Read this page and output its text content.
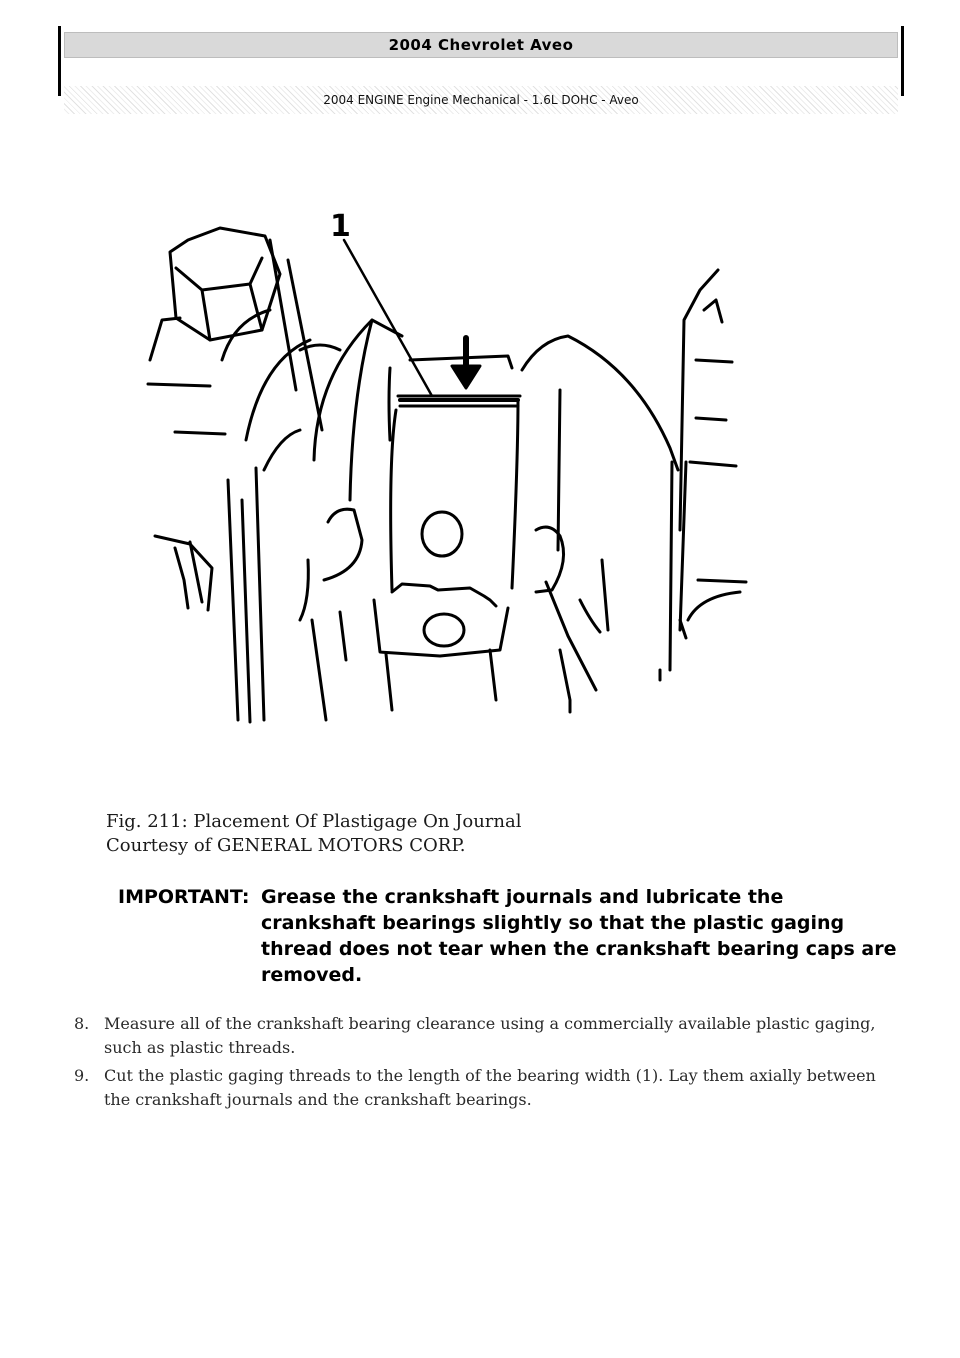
2004 Chevrolet Aveo
2004 ENGINE Engine Mechanical - 1.6L DOHC - Aveo
1
Fig. 211: Placement Of Plastigage On Journal
Courtesy of GENERAL MOTORS CORP.
IMPORTANT: Grease the crankshaft journals and lubricate the crankshaft bearings slightly so that the plastic gaging thread does not tear when the crankshaft bearing caps are removed.
8. Measure all of the crankshaft bearing clearance using a commercially available plastic gaging, such as plastic threads.
9. Cut the plastic gaging threads to the length of the bearing width (1). Lay them axially between the crankshaft journals and the crankshaft bearings.
